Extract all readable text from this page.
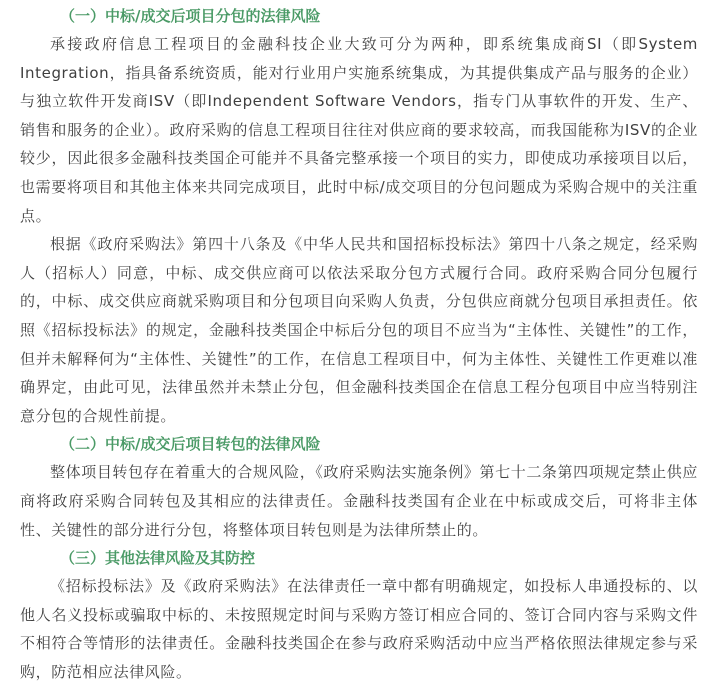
（一）中标/成交后项目分包的法律风险

承接政府信息工程项目的金融科技企业大致可分为两种，即系统集成商SI（即System Integration，指具备系统资质，能对行业用户实施系统集成，为其提供集成产品与服务的企业）与独立软件开发商ISV（即Independent Software Vendors，指专门从事软件的开发、生产、销售和服务的企业）。政府采购的信息工程项目往往对供应商的要求较高，而我国能称为ISV的企业较少，因此很多金融科技类国企可能并不具备完整承接一个项目的实力，即使成功承接项目以后，也需要将项目和其他主体来共同完成项目，此时中标/成交项目的分包问题成为采购合规中的关注重点。

根据《政府采购法》第四十八条及《中华人民共和国招标投标法》第四十八条之规定，经采购人（招标人）同意，中标、成交供应商可以依法采取分包方式履行合同。政府采购合同分包履行的，中标、成交供应商就采购项目和分包项目向采购人负责，分包供应商就分包项目承担责任。依照《招标投标法》的规定，金融科技类国企中标后分包的项目不应当为“主体性、关键性”的工作，但并未解释何为“主体性、关键性”的工作，在信息工程项目中，何为主体性、关键性工作更难以准确界定，由此可见，法律虽然并未禁止分包，但金融科技类国企在信息工程分包项目中应当特别注意分包的合规性前提。

（二）中标/成交后项目转包的法律风险

整体项目转包存在着重大的合规风险，《政府采购法实施条例》第七十二条第四项规定禁止供应商将政府采购合同转包及其相应的法律责任。金融科技类国有企业在中标或成交后，可将非主体性、关键性的部分进行分包，将整体项目转包则是为法律所禁止的。

（三）其他法律风险及其防控

《招标投标法》及《政府采购法》在法律责任一章中都有明确规定，如投标人串通投标的、以他人名义投标或骗取中标的、未按照规定时间与采购方签订相应合同的、签订合同内容与采购文件不相符合等情形的法律责任。金融科技类国企在参与政府采购活动中应当严格依照法律规定参与采购，防范相应法律风险。
